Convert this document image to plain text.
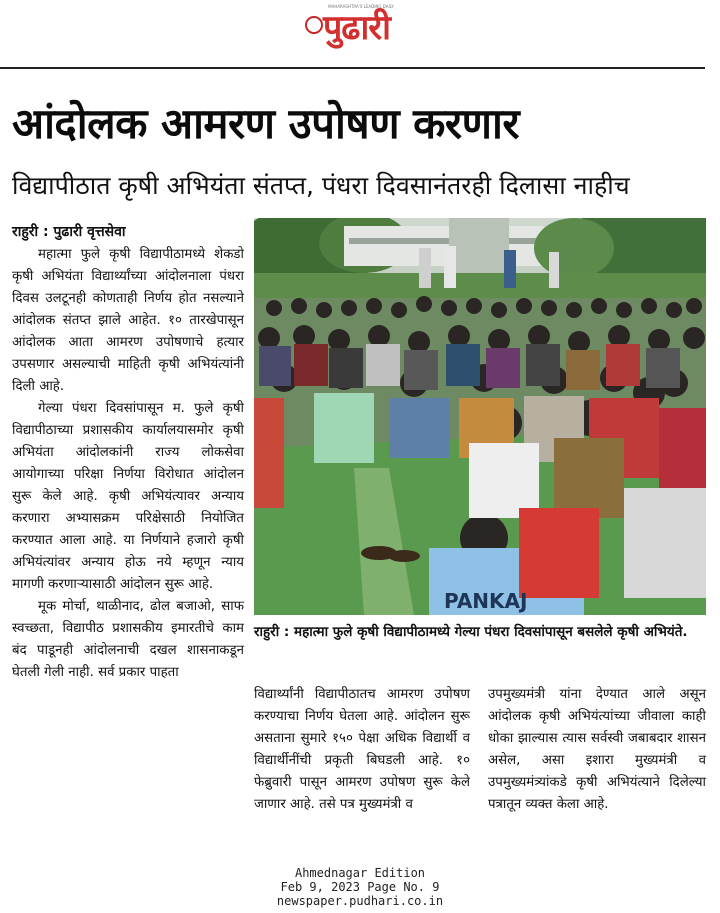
MAHARASHTRA'S LEADING DAILY
पुढारी
आंदोलक आमरण उपोषण करणार
विद्यापीठात कृषी अभियंता संतप्त, पंधरा दिवसानंतरही दिलासा नाहीच
राहुरी : पुढारी वृत्तसेवा

महात्मा फुले कृषी विद्यापीठामध्ये शेकडो कृषी अभियंता विद्यार्थ्यांच्या आंदोलनाला पंधरा दिवस उलटूनही कोणताही निर्णय होत नसल्याने आंदोलक संतप्त झाले आहेत. १० तारखेपासून आंदोलक आता आमरण उपोषणाचे हत्यार उपसणार असल्याची माहिती कृषी अभियंत्यांनी दिली आहे.

गेल्या पंधरा दिवसांपासून म. फुले कृषी विद्यापीठाच्या प्रशासकीय कार्यालयासमोर कृषी अभियंता आंदोलकांनी राज्य लोकसेवा आयोगाच्या परिक्षा निर्णया विरोधात आंदोलन सुरू केले आहे. कृषी अभियंत्यावर अन्याय करणारा अभ्यासक्रम परिक्षेसाठी नियोजित करण्यात आला आहे. या निर्णयाने हजारो कृषी अभियंत्यांवर अन्याय होऊ नये म्हणून न्याय मागणी करणाऱ्यासाठी आंदोलन सुरू आहे.

मूक मोर्चा, थाळीनाद, ढोल बजाओ, साफ स्वच्छता, विद्यापीठ प्रशासकीय इमारतीचे काम बंद पाडूनही आंदोलनाची दखल शासनाकडून घेतली गेली नाही. सर्व प्रकार पाहता

PANKAJ
राहुरी : महात्मा फुले कृषी विद्यापीठामध्ये गेल्या पंधरा दिवसांपासून बसलेले कृषी अभियंते.

विद्यार्थ्यांनी विद्यापीठातच आमरण उपोषण करण्याचा निर्णय घेतला आहे. आंदोलन सुरू असताना सुमारे १५० पेक्षा अधिक विद्यार्थी व विद्यार्थीनींची प्रकृती बिघडली आहे. १० फेब्रुवारी पासून आमरण उपोषण सुरू केले जाणार आहे. तसे पत्र मुख्यमंत्री व

उपमुख्यमंत्री यांना देण्यात आले असून आंदोलक कृषी अभियंत्यांच्या जीवाला काही धोका झाल्यास त्यास सर्वस्वी जबाबदार शासन असेल, असा इशारा मुख्यमंत्री व उपमुख्यमंत्र्यांकडे कृषी अभियंत्याने दिलेल्या पत्रातून व्यक्त केला आहे.

Ahmednagar Edition
Feb 9, 2023 Page No. 9
newspaper.pudhari.co.in
